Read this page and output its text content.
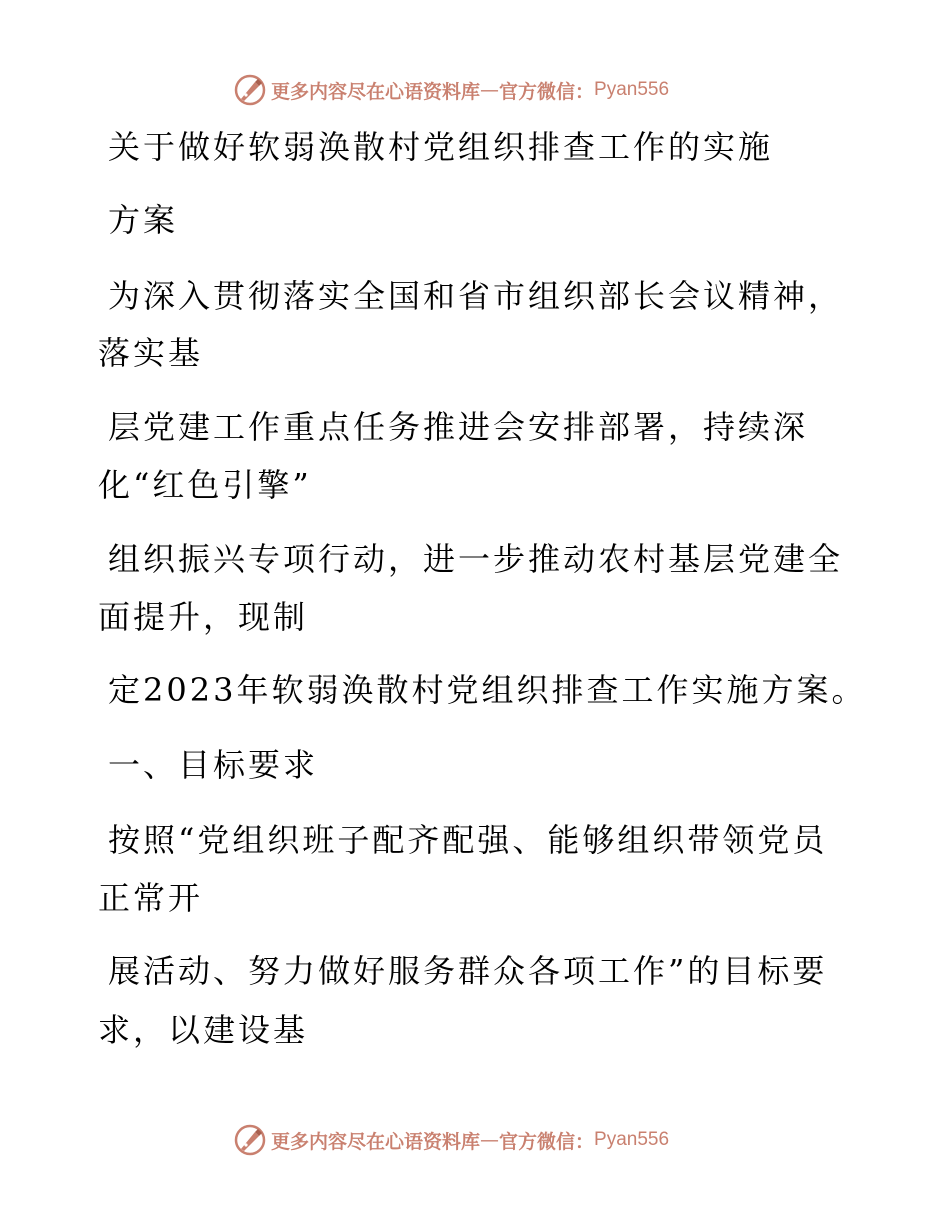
更多内容尽在心语资料库 — 官方微信： Pyan556
关于做好软弱涣散村党组织排查工作的实施
方案
为深入贯彻落实全国和省市组织部长会议精神，
落实基
层党建工作重点任务推进会安排部署，持续深
化“红色引擎”
组织振兴专项行动，进一步推动农村基层党建全
面提升，现制
定2023年软弱涣散村党组织排查工作实施方案。
一、目标要求
按照“党组织班子配齐配强、能够组织带领党员
正常开
展活动、努力做好服务群众各项工作”的目标要
求，以建设基
更多内容尽在心语资料库 — 官方微信： Pyan556
